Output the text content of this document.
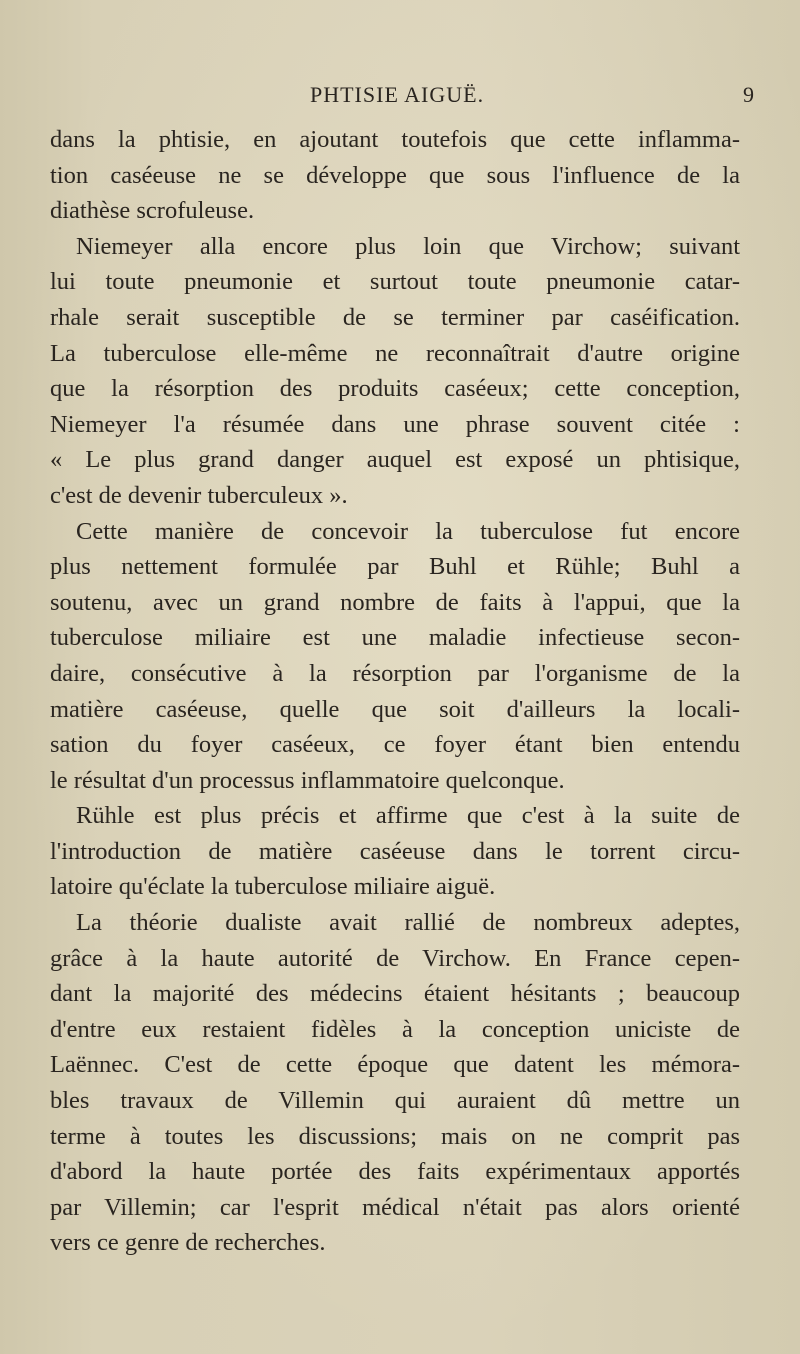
PHTISIE AIGUË.	9
dans la phtisie, en ajoutant toutefois que cette inflamma-
tion caséeuse ne se développe que sous l'influence de la
diathèse scrofuleuse.
Niemeyer alla encore plus loin que Virchow; suivant
lui toute pneumonie et surtout toute pneumonie catar-
rhale serait susceptible de se terminer par caséification.
La tuberculose elle-même ne reconnaîtrait d'autre origine
que la résorption des produits caséeux; cette conception,
Niemeyer l'a résumée dans une phrase souvent citée :
« Le plus grand danger auquel est exposé un phtisique,
c'est de devenir tuberculeux ».
Cette manière de concevoir la tuberculose fut encore
plus nettement formulée par Buhl et Rühle; Buhl a
soutenu, avec un grand nombre de faits à l'appui, que la
tuberculose miliaire est une maladie infectieuse secon-
daire, consécutive à la résorption par l'organisme de la
matière caséeuse, quelle que soit d'ailleurs la locali-
sation du foyer caséeux, ce foyer étant bien entendu
le résultat d'un processus inflammatoire quelconque.
Rühle est plus précis et affirme que c'est à la suite de
l'introduction de matière caséeuse dans le torrent circu-
latoire qu'éclate la tuberculose miliaire aiguë.
La théorie dualiste avait rallié de nombreux adeptes,
grâce à la haute autorité de Virchow. En France cepen-
dant la majorité des médecins étaient hésitants ; beaucoup
d'entre eux restaient fidèles à la conception uniciste de
Laënnec. C'est de cette époque que datent les mémora-
bles travaux de Villemin qui auraient dû mettre un
terme à toutes les discussions; mais on ne comprit pas
d'abord la haute portée des faits expérimentaux apportés
par Villemin; car l'esprit médical n'était pas alors orienté
vers ce genre de recherches.
